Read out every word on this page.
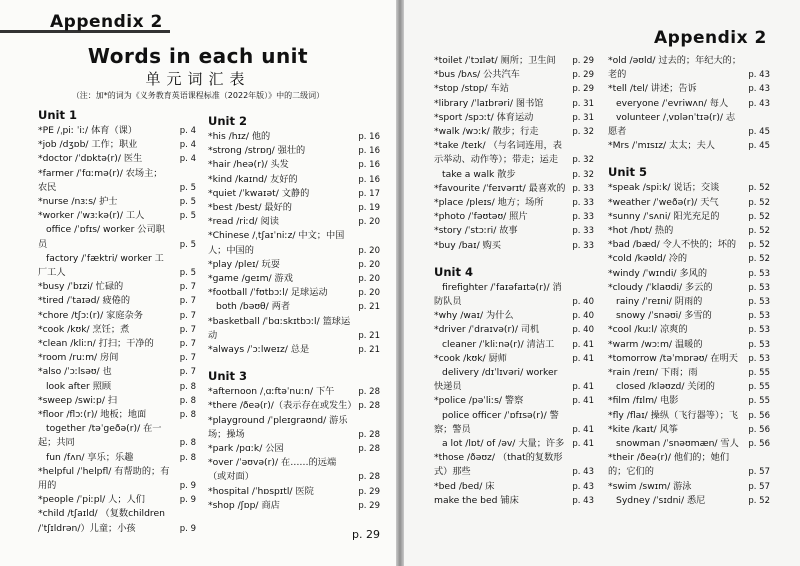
Appendix 2
Words in each unit
单元词汇表
（注：加*的词为《义务教育英语课程标准（2022年版）》中的二级词）
Unit 1
*PE /ˌpiː ˈiː/ 体育（课）	p. 4
*job /dʒɒb/ 工作；职业	p. 4
*doctor /ˈdɒktə(r)/ 医生	p. 4
*farmer /ˈfɑːmə(r)/ 农场主；农民	p. 5
*nurse /nɜːs/ 护士	p. 5
*worker /ˈwɜːkə(r)/ 工人	p. 5
office /ˈɒfɪs/ worker 公司职员	p. 5
factory /ˈfæktri/ worker 工厂工人	p. 5
*busy /ˈbɪzi/ 忙碌的	p. 7
*tired /ˈtaɪəd/ 疲倦的	p. 7
*chore /tʃɔː(r)/ 家庭杂务	p. 7
*cook /kʊk/ 烹饪；煮	p. 7
*clean /kliːn/ 打扫；干净的	p. 7
*room /ruːm/ 房间	p. 7
*also /ˈɔːlsəʊ/ 也	p. 7
look after 照顾	p. 8
*sweep /swiːp/ 扫	p. 8
*floor /flɔː(r)/ 地板；地面	p. 8
together /təˈgeðə(r)/ 在一起；共同	p. 8
fun /fʌn/ 享乐；乐趣	p. 8
*helpful /ˈhelpfl/ 有帮助的；有用的	p. 9
*people /ˈpiːpl/ 人；人们	p. 9
*child /tʃaɪld/ （复数children /ˈtʃɪldrən/）儿童；小孩	p. 9
Unit 2
*his /hɪz/ 他的	p. 16
*strong /strɒŋ/ 强壮的	p. 16
*hair /heə(r)/ 头发	p. 16
*kind /kaɪnd/ 友好的	p. 16
*quiet /ˈkwaɪət/ 文静的	p. 17
*best /best/ 最好的	p. 19
*read /riːd/ 阅读	p. 20
*Chinese /ˌtʃaɪˈniːz/ 中文；中国人；中国的	p. 20
*play /pleɪ/ 玩耍	p. 20
*game /geɪm/ 游戏	p. 20
*football /ˈfʊtbɔːl/ 足球运动	p. 20
both /bəʊθ/ 两者	p. 21
*basketball /ˈbɑːskɪtbɔːl/ 篮球运动	p. 21
*always /ˈɔːlweɪz/ 总是	p. 21
Unit 3
*afternoon /ˌɑːftəˈnuːn/ 下午	p. 28
*there /ðeə(r)/（表示存在或发生） p. 28
*playground /ˈpleɪgraʊnd/ 游乐场；操场	p. 28
*park /pɑːk/ 公园	p. 28
*over /ˈəʊvə(r)/ 在……的远端（或对面）	p. 28
*hospital /ˈhɒspɪtl/ 医院	p. 29
*shop /ʃɒp/ 商店	p. 29
p. 29
Appendix 2
*toilet /ˈtɔɪlət/ 厕所；卫生间 p. 29
*bus /bʌs/ 公共汽车	p. 29
*stop /stɒp/ 车站	p. 29
*library /ˈlaɪbrəri/ 图书馆	p. 31
*sport /spɔːt/ 体育运动	p. 31
*walk /wɔːk/ 散步；行走	p. 32
*take /teɪk/ （与名词连用，表示举动、动作等）；带走；运走 p. 32
take a walk 散步	p. 32
*favourite /ˈfeɪvərɪt/ 最喜欢的 p. 33
*place /pleɪs/ 地方；场所	p. 33
*photo /ˈfəʊtəʊ/ 照片	p. 33
*story /ˈstɔːri/ 故事	p. 33
*buy /baɪ/ 购买	p. 33
Unit 4
firefighter /ˈfaɪəfaɪtə(r)/ 消防队员	p. 40
*why /waɪ/ 为什么	p. 40
*driver /ˈdraɪvə(r)/ 司机	p. 40
cleaner /ˈkliːnə(r)/ 清洁工 p. 41
*cook /kʊk/ 厨师	p. 41
delivery /dɪˈlɪvəri/ worker 快递员	p. 41
*police /pəˈliːs/ 警察	p. 41
police officer /ˈɒfɪsə(r)/ 警察；警员	p. 41
a lot /lɒt/ of /əv/ 大量；许多 p. 41
*those /ðəʊz/ （that的复数形式）那些	p. 43
*bed /bed/ 床	p. 43
make the bed 铺床	p. 43
*old /əʊld/ 过去的；年纪大的；老的	p. 43
*tell /tel/ 讲述；告诉	p. 43
everyone /ˈevriwʌn/ 每人 p. 43
volunteer /ˌvɒlənˈtɪə(r)/ 志愿者	p. 45
*Mrs /ˈmɪsɪz/ 太太；夫人	p. 45
Unit 5
*speak /spiːk/ 说话；交谈	p. 52
*weather /ˈweðə(r)/ 天气	p. 52
*sunny /ˈsʌni/ 阳光充足的	p. 52
*hot /hɒt/ 热的	p. 52
*bad /bæd/ 令人不快的；坏的 p. 52
*cold /kəʊld/ 冷的	p. 52
*windy /ˈwɪndi/ 多风的	p. 53
*cloudy /ˈklaʊdi/ 多云的	p. 53
rainy /ˈreɪni/ 阴雨的	p. 53
snowy /ˈsnəʊi/ 多雪的	p. 53
*cool /kuːl/ 凉爽的	p. 53
*warm /wɔːm/ 温暖的	p. 53
*tomorrow /təˈmɒrəʊ/ 在明天 p. 53
*rain /reɪn/ 下雨；雨	p. 55
closed /kləʊzd/ 关闭的	p. 55
*film /fɪlm/ 电影	p. 55
*fly /flaɪ/ 操纵（飞行器等）；飞 p. 56
*kite /kaɪt/ 风筝	p. 56
snowman /ˈsnəʊmæn/ 雪人 p. 56
*their /ðeə(r)/ 他们的；她们的；它们的	p. 57
*swim /swɪm/ 游泳	p. 57
Sydney /ˈsɪdni/ 悉尼	p. 52
